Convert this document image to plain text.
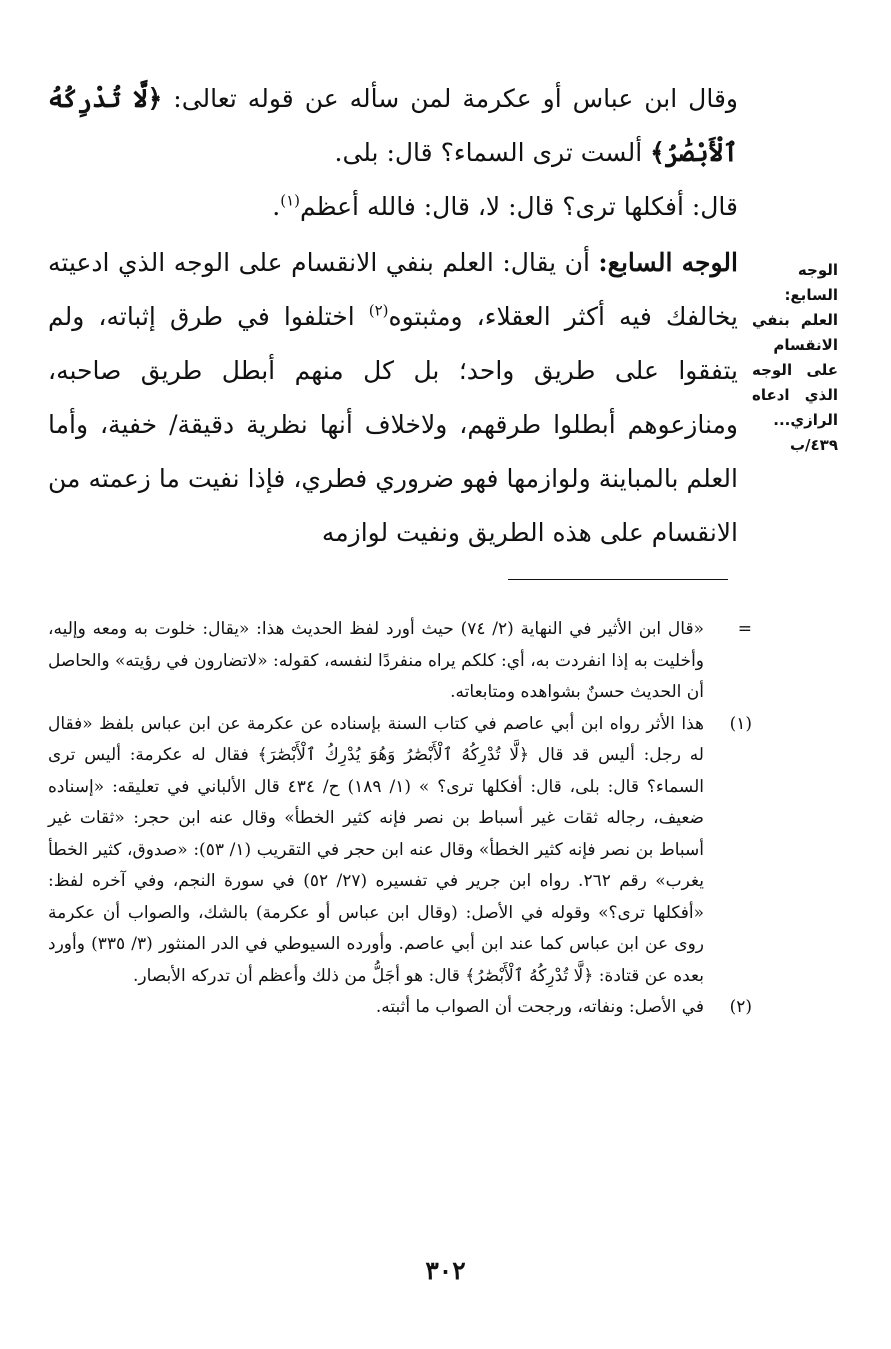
وقال ابن عباس أو عكرمة لمن سأله عن قوله تعالى: ﴿لَّا تُدْرِكُهُ ٱلْأَبْصَٰرُ﴾ ألست ترى السماء؟ قال: بلى.

قال: أفكلها ترى؟ قال: لا، قال: فالله أعظم$^{(١)}$.

الوجه السابع: أن يقال: العلم بنفي الانقسام على الوجه الذي ادعيته يخالفك فيه أكثر العقلاء، ومثبتوه$^{(٢)}$ اختلفوا في طرق إثباته، ولم يتفقوا على طريق واحد؛ بل كل منهم أبطل طريق صاحبه، ومنازعوهم أبطلوا طرقهم، ولاخلاف أنها نظرية دقيقة/ خفية، وأما العلم بالمباينة ولوازمها فهو ضروري فطري، فإذا نفيت ما زعمته من الانقسام على هذه الطريق ونفيت لوازمه

الوجه السابع: العلم بنفي الانقسام على الوجه الذي ادعاه الرازي... ٤٣٩/ب
=
«قال ابن الأثير في النهاية (٢/ ٧٤) حيث أورد لفظ الحديث هذا: «يقال: خلوت به ومعه وإليه، وأخليت به إذا انفردت به، أي: كلكم يراه منفردًا لنفسه، كقوله: «لاتضارون في رؤيته» والحاصل أن الحديث حسنٌ بشواهده ومتابعاته.
(١)
هذا الأثر رواه ابن أبي عاصم في كتاب السنة بإسناده عن عكرمة عن ابن عباس بلفظ «فقال له رجل: أليس قد قال ﴿لَّا تُدْرِكُهُ ٱلْأَبْصَٰرُ وَهُوَ يُدْرِكُ ٱلْأَبْصَٰرَ﴾ فقال له عكرمة: أليس ترى السماء؟ قال: بلى، قال: أفكلها ترى؟ » (١/ ١٨٩) ح/ ٤٣٤ قال الألباني في تعليقه: «إسناده ضعيف، رجاله ثقات غير أسباط بن نصر فإنه كثير الخطأ» وقال عنه ابن حجر: «ثقات غير أسباط بن نصر فإنه كثير الخطأ» وقال عنه ابن حجر في التقريب (١/ ٥٣): «صدوق، كثير الخطأ يغرب» رقم ٢٦٢. رواه ابن جرير في تفسيره (٢٧/ ٥٢) في سورة النجم، وفي آخره لفظ: «أفكلها ترى؟» وقوله في الأصل: (وقال ابن عباس أو عكرمة) بالشك، والصواب أن عكرمة روى عن ابن عباس كما عند ابن أبي عاصم. وأورده السيوطي في الدر المنثور (٣/ ٣٣٥) وأورد بعده عن قتادة: ﴿لَّا تُدْرِكُهُ ٱلْأَبْصَٰرُ﴾ قال: هو أجَلُّ من ذلك وأعظم أن تدركه الأبصار.
(٢)
في الأصل: ونفاته، ورجحت أن الصواب ما أثبته.
٣٠٢
